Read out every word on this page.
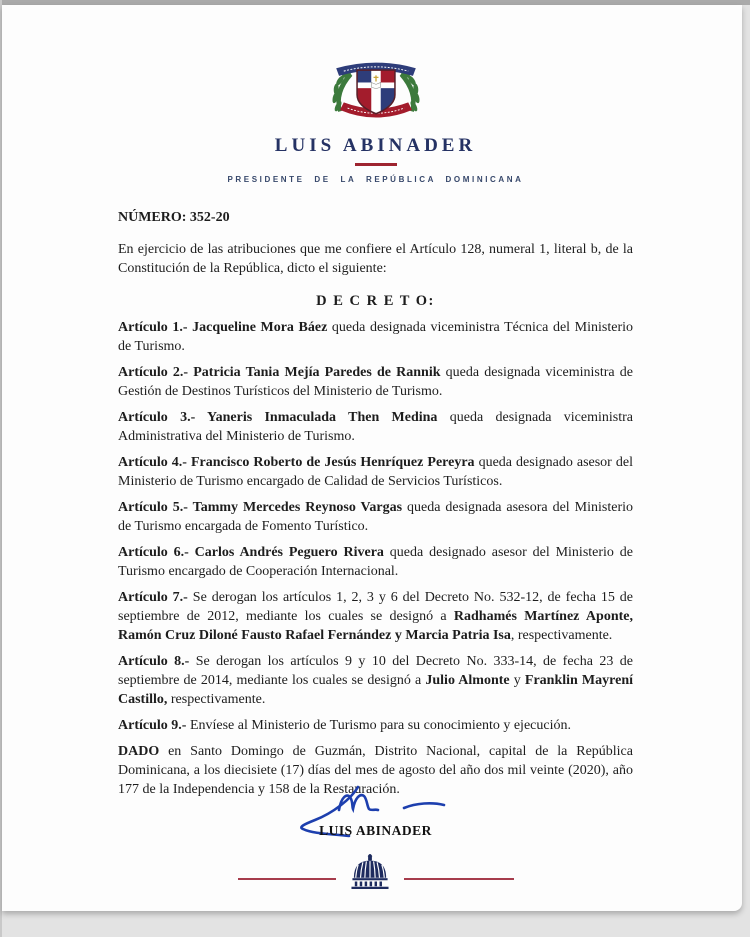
LUIS ABINADER
PRESIDENTE DE LA REPÚBLICA DOMINICANA

NÚMERO: 352-20

En ejercicio de las atribuciones que me confiere el Artículo 128, numeral 1, literal b, de la Constitución de la República, dicto el siguiente:

D E C R E T O:

Artículo 1.- Jacqueline Mora Báez queda designada viceministra Técnica del Ministerio de Turismo.

Artículo 2.- Patricia Tania Mejía Paredes de Rannik queda designada viceministra de Gestión de Destinos Turísticos del Ministerio de Turismo.

Artículo 3.- Yaneris Inmaculada Then Medina queda designada viceministra Administrativa del Ministerio de Turismo.

Artículo 4.- Francisco Roberto de Jesús Henríquez Pereyra queda designado asesor del Ministerio de Turismo encargado de Calidad de Servicios Turísticos.

Artículo 5.- Tammy Mercedes Reynoso Vargas queda designada asesora del Ministerio de Turismo encargada de Fomento Turístico.

Artículo 6.- Carlos Andrés Peguero Rivera queda designado asesor del Ministerio de Turismo encargado de Cooperación Internacional.

Artículo 7.- Se derogan los artículos 1, 2, 3 y 6 del Decreto No. 532-12, de fecha 15 de septiembre de 2012, mediante los cuales se designó a Radhamés Martínez Aponte, Ramón Cruz Diloné Fausto Rafael Fernández y Marcia Patria Isa, respectivamente.

Artículo 8.- Se derogan los artículos 9 y 10 del Decreto No. 333-14, de fecha 23 de septiembre de 2014, mediante los cuales se designó a Julio Almonte y Franklin Mayrení Castillo, respectivamente.

Artículo 9.- Envíese al Ministerio de Turismo para su conocimiento y ejecución.

DADO en Santo Domingo de Guzmán, Distrito Nacional, capital de la República Dominicana, a los diecisiete (17) días del mes de agosto del año dos mil veinte (2020), año 177 de la Independencia y 158 de la Restauración.

LUIS ABINADER
